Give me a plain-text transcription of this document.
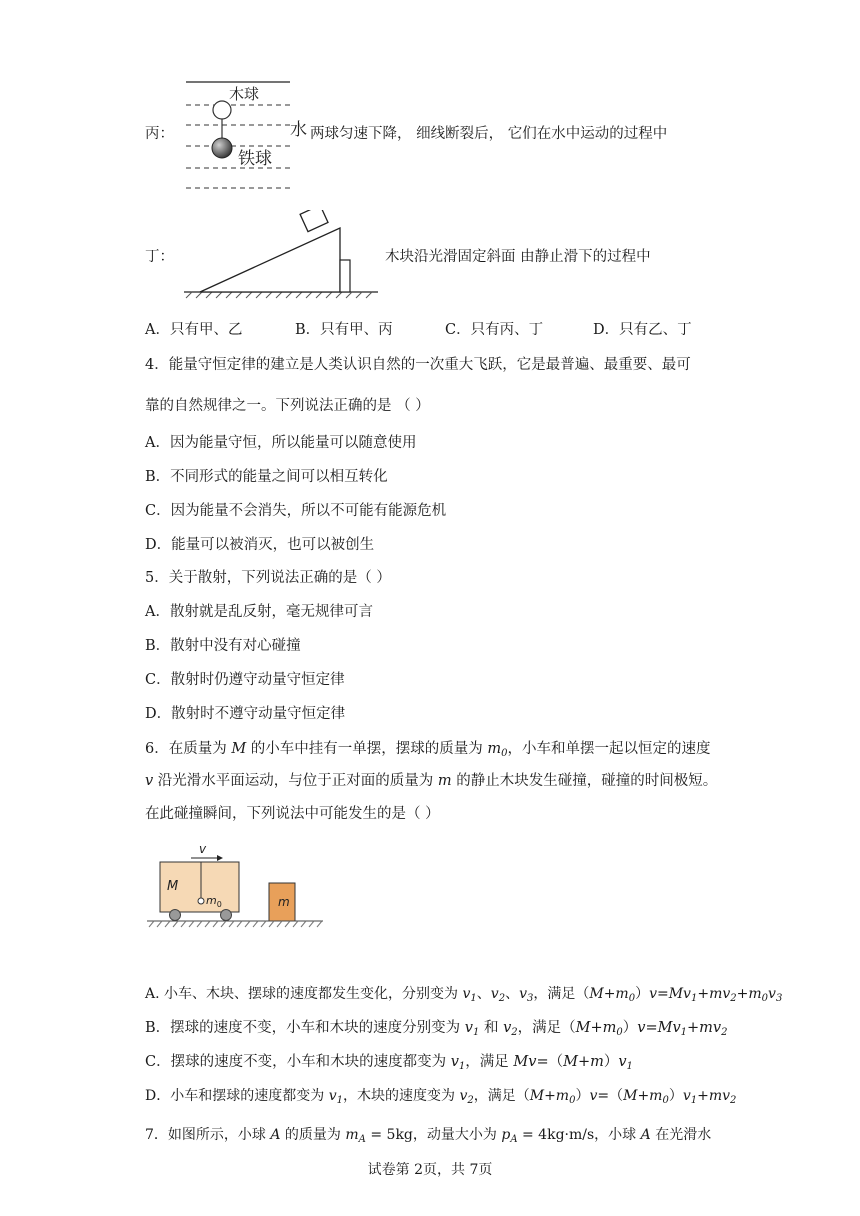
丙：
木球
铁球
水 两球匀速下降， 细线断裂后， 它们在水中运动的过程中
丁：	木块沿光滑固定斜面 由静止滑下的过程中
A．只有甲、乙	B．只有甲、丙	C．只有丙、丁	D．只有乙、丁
4．能量守恒定律的建立是人类认识自然的一次重大飞跃，它是最普遍、最重要、最可
靠的自然规律之一。下列说法正确的是 （ ）
A．因为能量守恒，所以能量可以随意使用
B．不同形式的能量之间可以相互转化
C．因为能量不会消失，所以不可能有能源危机
D．能量可以被消灭，也可以被创生
5．关于散射，下列说法正确的是（ ）
A．散射就是乱反射，毫无规律可言
B．散射中没有对心碰撞
C．散射时仍遵守动量守恒定律
D．散射时不遵守动量守恒定律
6．在质量为 M 的小车中挂有一单摆，摆球的质量为 $m_0$，小车和单摆一起以恒定的速度
v 沿光滑水平面运动，与位于正对面的质量为 m 的静止木块发生碰撞，碰撞的时间极短。
在此碰撞瞬间，下列说法中可能发生的是（ ）
v
M
$m_0$	m
A. 小车、木块、摆球的速度都发生变化，分别变为 $v_1$、$v_2$、$v_3$，满足$(M+m_0)v=Mv_1+mv_2+m_0v_3$
B．摆球的速度不变，小车和木块的速度分别变为 $v_1$ 和 $v_2$，满足$(M+m_0)v=Mv_1+mv_2$
C．摆球的速度不变，小车和木块的速度都变为 $v_1$，满足 $Mv=(M+m)v_1$
D．小车和摆球的速度都变为 $v_1$，木块的速度变为 $v_2$，满足$(M+m_0)v=(M+m_0)v_1+mv_2$
7．如图所示，小球 A 的质量为 $m_A = 5kg$，动量大小为 $p_A = 4kg\cdot m/s$，小球 A 在光滑水
试卷第 2页，共 7页
